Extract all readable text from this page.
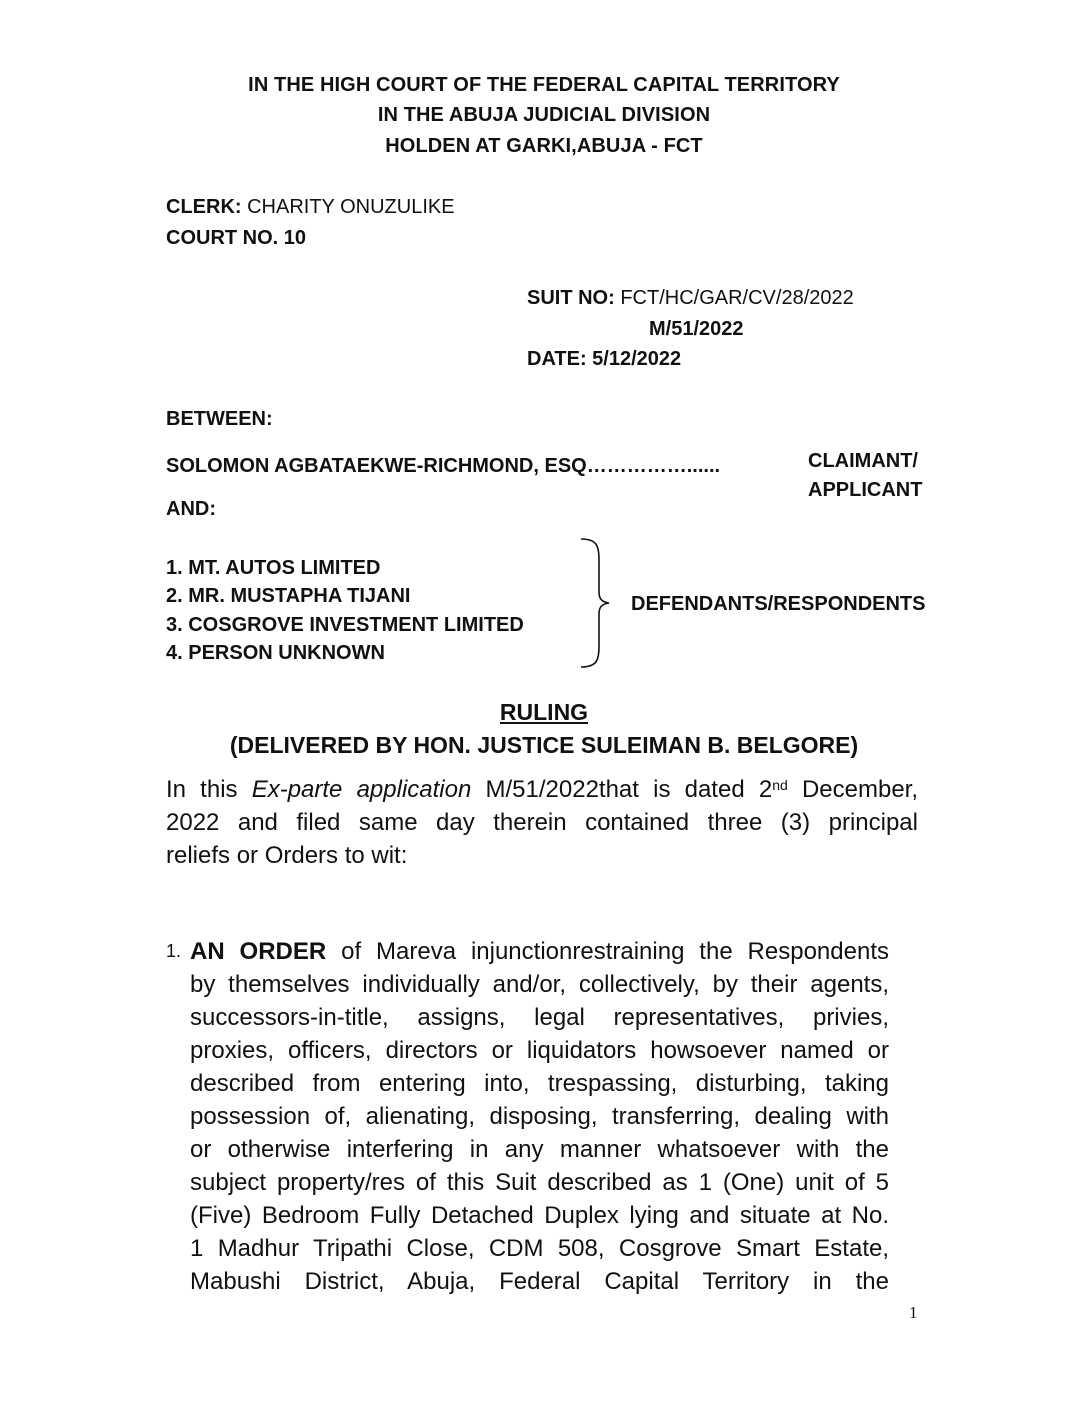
IN THE HIGH COURT OF THE FEDERAL CAPITAL TERRITORY
IN THE ABUJA JUDICIAL DIVISION
HOLDEN AT GARKI,ABUJA - FCT
CLERK: CHARITY ONUZULIKE
COURT NO. 10
SUIT NO: FCT/HC/GAR/CV/28/2022
M/51/2022
DATE: 5/12/2022
BETWEEN:
SOLOMON AGBATAEKWE-RICHMOND, ESQ……………......	CLAIMANT/
APPLICANT
AND:
1. MT. AUTOS LIMITED
2. MR. MUSTAPHA TIJANI
3. COSGROVE INVESTMENT LIMITED
4. PERSON UNKNOWN
DEFENDANTS/RESPONDENTS
RULING
(DELIVERED BY HON. JUSTICE SULEIMAN B. BELGORE)
In this Ex-parte application M/51/2022that is dated 2nd December,
2022 and filed same day therein contained three (3) principal
reliefs or Orders to wit:
1. AN ORDER of Mareva injunctionrestraining the Respondents
by themselves individually and/or, collectively, by their agents,
successors-in-title, assigns, legal representatives, privies,
proxies, officers, directors or liquidators howsoever named or
described from entering into, trespassing, disturbing, taking
possession of, alienating, disposing, transferring, dealing with
or otherwise interfering in any manner whatsoever with the
subject property/res of this Suit described as 1 (One) unit of 5
(Five) Bedroom Fully Detached Duplex lying and situate at No.
1 Madhur Tripathi Close, CDM 508, Cosgrove Smart Estate,
Mabushi District, Abuja, Federal Capital Territory in the
1
